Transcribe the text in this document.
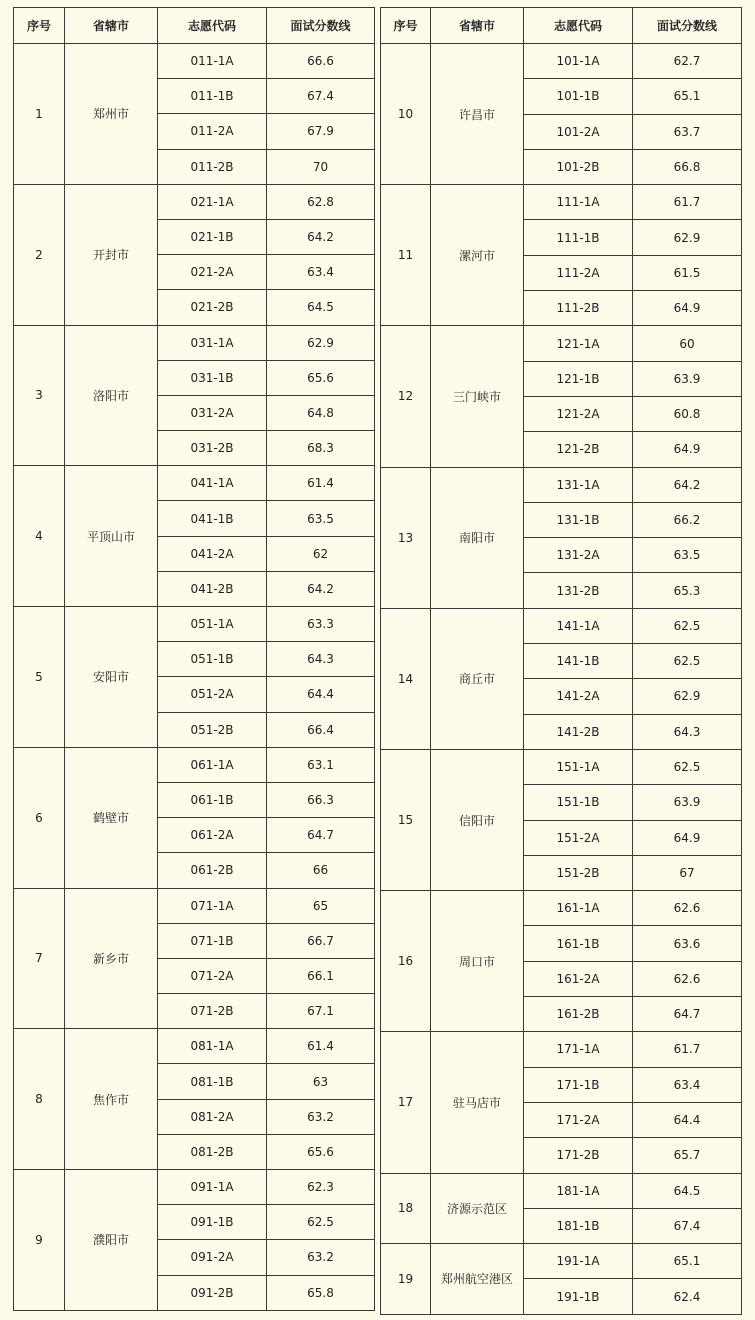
序号	省辖市	志愿代码	面试分数线
1	郑州市	011-1A	66.6
		011-1B	67.4
		011-2A	67.9
		011-2B	70
2	开封市	021-1A	62.8
		021-1B	64.2
		021-2A	63.4
		021-2B	64.5
3	洛阳市	031-1A	62.9
		031-1B	65.6
		031-2A	64.8
		031-2B	68.3
4	平顶山市	041-1A	61.4
		041-1B	63.5
		041-2A	62
		041-2B	64.2
5	安阳市	051-1A	63.3
		051-1B	64.3
		051-2A	64.4
		051-2B	66.4
6	鹤壁市	061-1A	63.1
		061-1B	66.3
		061-2A	64.7
		061-2B	66
7	新乡市	071-1A	65
		071-1B	66.7
		071-2A	66.1
		071-2B	67.1
8	焦作市	081-1A	61.4
		081-1B	63
		081-2A	63.2
		081-2B	65.6
9	濮阳市	091-1A	62.3
		091-1B	62.5
		091-2A	63.2
		091-2B	65.8
序号	省辖市	志愿代码	面试分数线
10	许昌市	101-1A	62.7
		101-1B	65.1
		101-2A	63.7
		101-2B	66.8
11	漯河市	111-1A	61.7
		111-1B	62.9
		111-2A	61.5
		111-2B	64.9
12	三门峡市	121-1A	60
		121-1B	63.9
		121-2A	60.8
		121-2B	64.9
13	南阳市	131-1A	64.2
		131-1B	66.2
		131-2A	63.5
		131-2B	65.3
14	商丘市	141-1A	62.5
		141-1B	62.5
		141-2A	62.9
		141-2B	64.3
15	信阳市	151-1A	62.5
		151-1B	63.9
		151-2A	64.9
		151-2B	67
16	周口市	161-1A	62.6
		161-1B	63.6
		161-2A	62.6
		161-2B	64.7
17	驻马店市	171-1A	61.7
		171-1B	63.4
		171-2A	64.4
		171-2B	65.7
18	济源示范区	181-1A	64.5
		181-1B	67.4
19	郑州航空港区	191-1A	65.1
		191-1B	62.4
